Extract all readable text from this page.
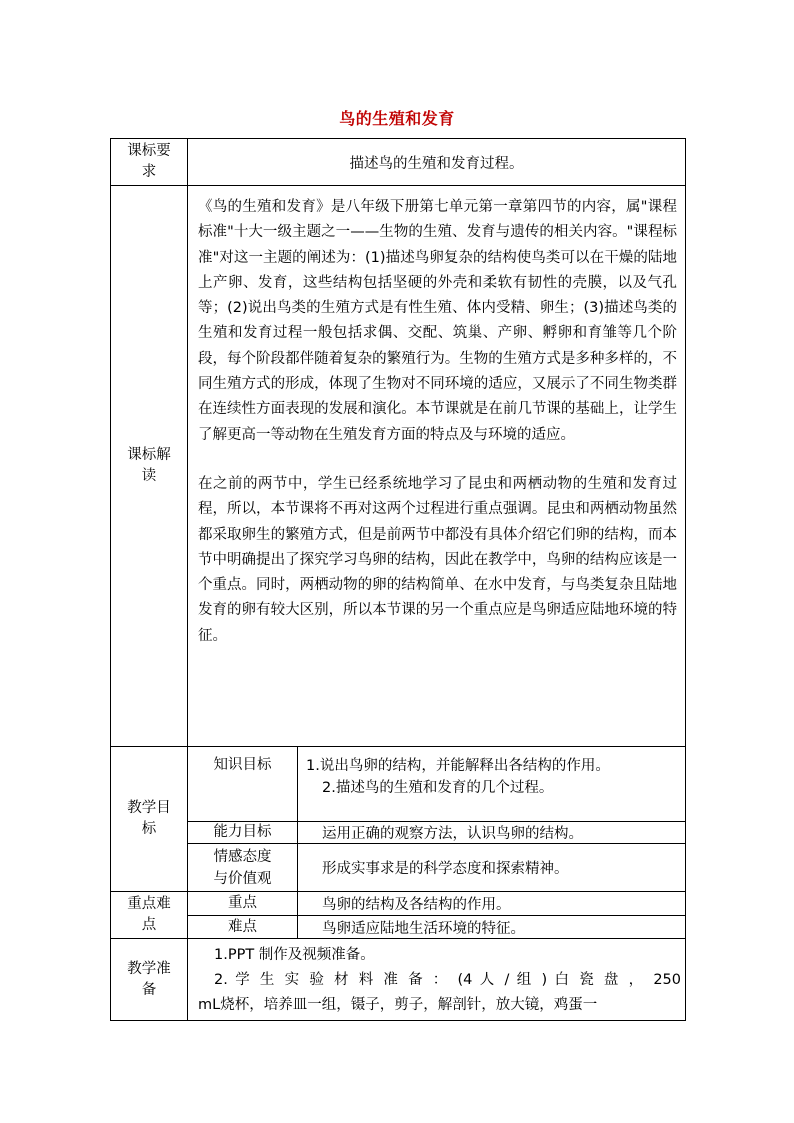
鸟的生殖和发育
课标要求	描述鸟的生殖和发育过程。	

课标解读	《鸟的生殖和发育》是八年级下册第七单元第一章第四节的内容，属"课程标准"十大一级主题之一——生物的生殖、发育与遗传的相关内容。"课程标准"对这一主题的阐述为：(1)描述鸟卵复杂的结构使鸟类可以在干燥的陆地上产卵、发育，这些结构包括坚硬的外壳和柔软有韧性的壳膜，以及气孔等；(2)说出鸟类的生殖方式是有性生殖、体内受精、卵生；(3)描述鸟类的生殖和发育过程一般包括求偶、交配、筑巢、产卵、孵卵和育雏等几个阶段，每个阶段都伴随着复杂的繁殖行为。生物的生殖方式是多种多样的，不同生殖方式的形成，体现了生物对不同环境的适应，又展示了不同生物类群在连续性方面表现的发展和演化。本节课就是在前几节课的基础上，让学生了解更高一等动物在生殖发育方面的特点及与环境的适应。

在之前的两节中，学生已经系统地学习了昆虫和两栖动物的生殖和发育过程，所以，本节课将不再对这两个过程进行重点强调。昆虫和两栖动物虽然都采取卵生的繁殖方式，但是前两节中都没有具体介绍它们卵的结构，而本节中明确提出了探究学习鸟卵的结构，因此在教学中，鸟卵的结构应该是一个重点。同时，两栖动物的卵的结构简单、在水中发育，与鸟类复杂且陆地发育的卵有较大区别，所以本节课的另一个重点应是鸟卵适应陆地环境的特征。	

教学目标	知识目标	1.说出鸟卵的结构，并能解释出各结构的作用。
2.描述鸟的生殖和发育的几个过程。

	能力目标	运用正确的观察方法，认识鸟卵的结构。

	情感态度与价值观	形成实事求是的科学态度和探索精神。

重点难点	重点	鸟卵的结构及各结构的作用。
	难点	鸟卵适应陆地生活环境的特征。

教学准备	1.PPT 制作及视频准备。

2. 学 生 实 验 材 料 准 备 ： (4 人 / 组 ) 白 瓷 盘 ， 250

mL烧杯，培养皿一组，镊子，剪子，解剖针，放大镜，鸡蛋一	
